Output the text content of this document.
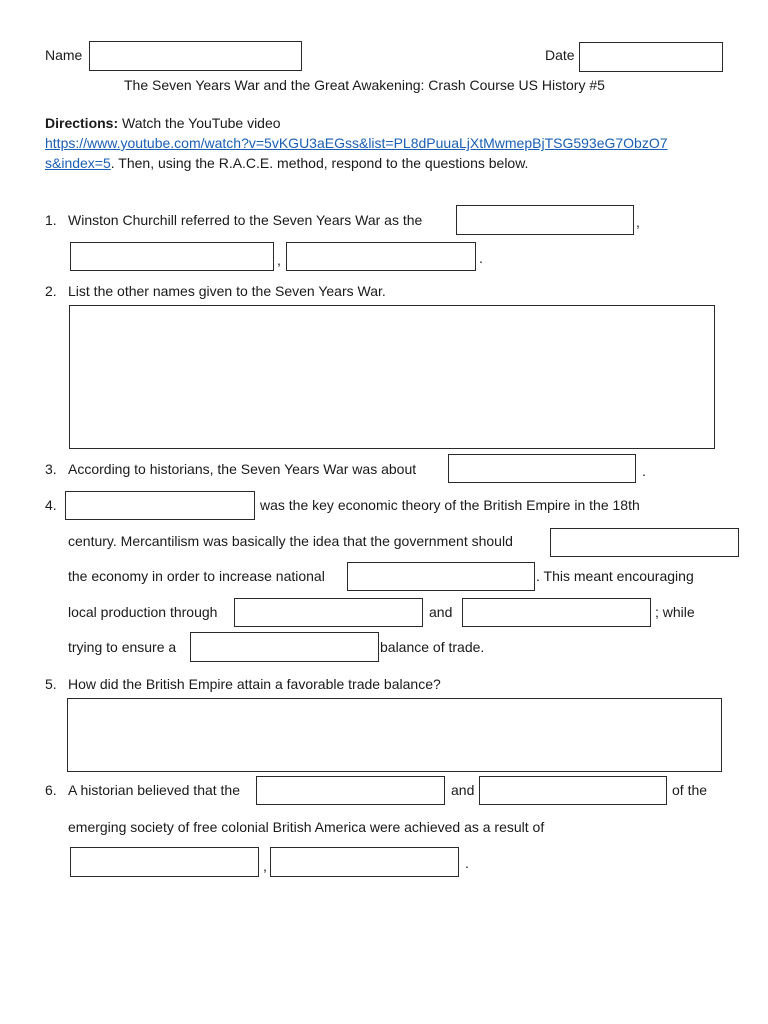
Name	Date
The Seven Years War and the Great Awakening: Crash Course US History #5
Directions: Watch the YouTube video
https://www.youtube.com/watch?v=5vKGU3aEGss&list=PL8dPuuaLjXtMwmepBjTSG593eG7ObzO7
s&index=5. Then, using the R.A.C.E. method, respond to the questions below.
1. Winston Churchill referred to the Seven Years War as the	,
,	.
2. List the other names given to the Seven Years War.
3. According to historians, the Seven Years War was about	.
4.	was the key economic theory of the British Empire in the 18th
century. Mercantilism was basically the idea that the government should
the economy in order to increase national	. This meant encouraging
local production through	and	; while
trying to ensure a	balance of trade.
5. How did the British Empire attain a favorable trade balance?
6. A historian believed that the	and	of the
emerging society of free colonial British America were achieved as a result of
,	.
